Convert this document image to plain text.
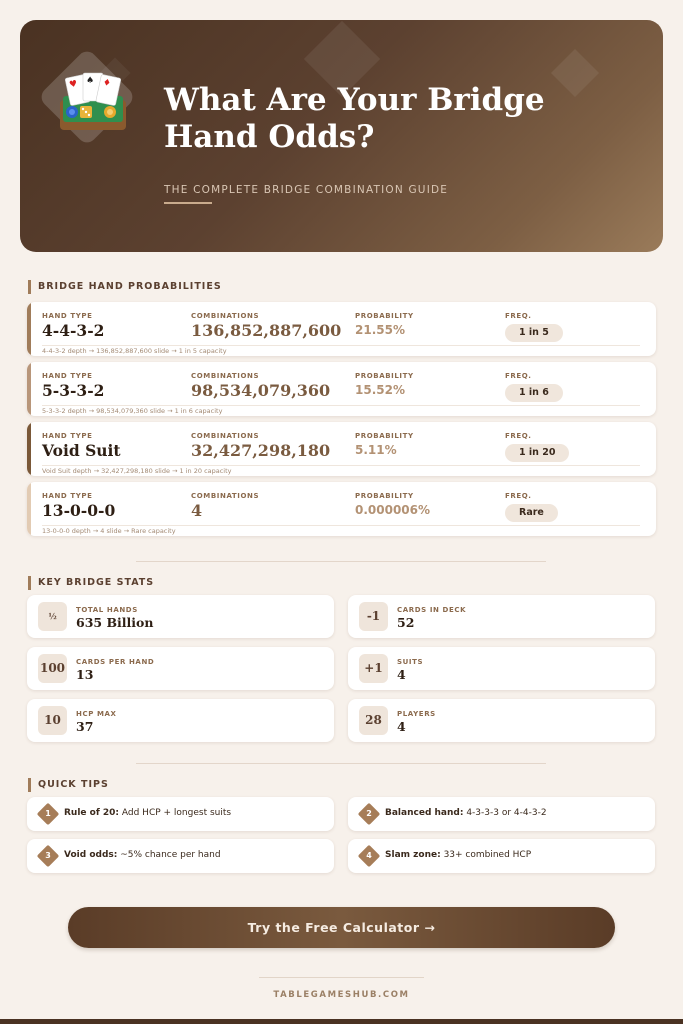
♥ ♠ ♦ What Are Your Bridge Hand Odds?
THE COMPLETE BRIDGE COMBINATION GUIDE
BRIDGE HAND PROBABILITIES
HAND TYPE	COMBINATIONS	PROBABILITY	FREQ.
4-4-3-2	136,852,887,600 21.55%	1 in 5
4-4-3-2 depth → 136,852,887,600 slide → 1 in 5 capacity
HAND TYPE	COMBINATIONS	PROBABILITY	FREQ.
5-3-3-2	98,534,079,360 15.52%	1 in 6
5-3-3-2 depth → 98,534,079,360 slide → 1 in 6 capacity
HAND TYPE	COMBINATIONS	PROBABILITY	FREQ.
Void Suit	32,427,298,180 5.11%	1 in 20
Void Suit depth → 32,427,298,180 slide → 1 in 20 capacity
HAND TYPE	COMBINATIONS	PROBABILITY	FREQ.
13-0-0-0	4	0.000006%	Rare
13-0-0-0 depth → 4 slide → Rare capacity
KEY BRIDGE STATS
½
TOTAL HANDS
635 Billion	-1	CARDS IN DECK
52
100 CARDS PER HAND
13	+1	SUITS
4
10	HCP MAX
37	28	PLAYERS
4
QUICK TIPS
1	Rule of 20: Add HCP + longest suits	2	Balanced hand: 4-3-3-3 or 4-4-3-2
3	Void odds: ~5% chance per hand	4	Slam zone: 33+ combined HCP
Try the Free Calculator →
TABLEGAMESHUB.COM
